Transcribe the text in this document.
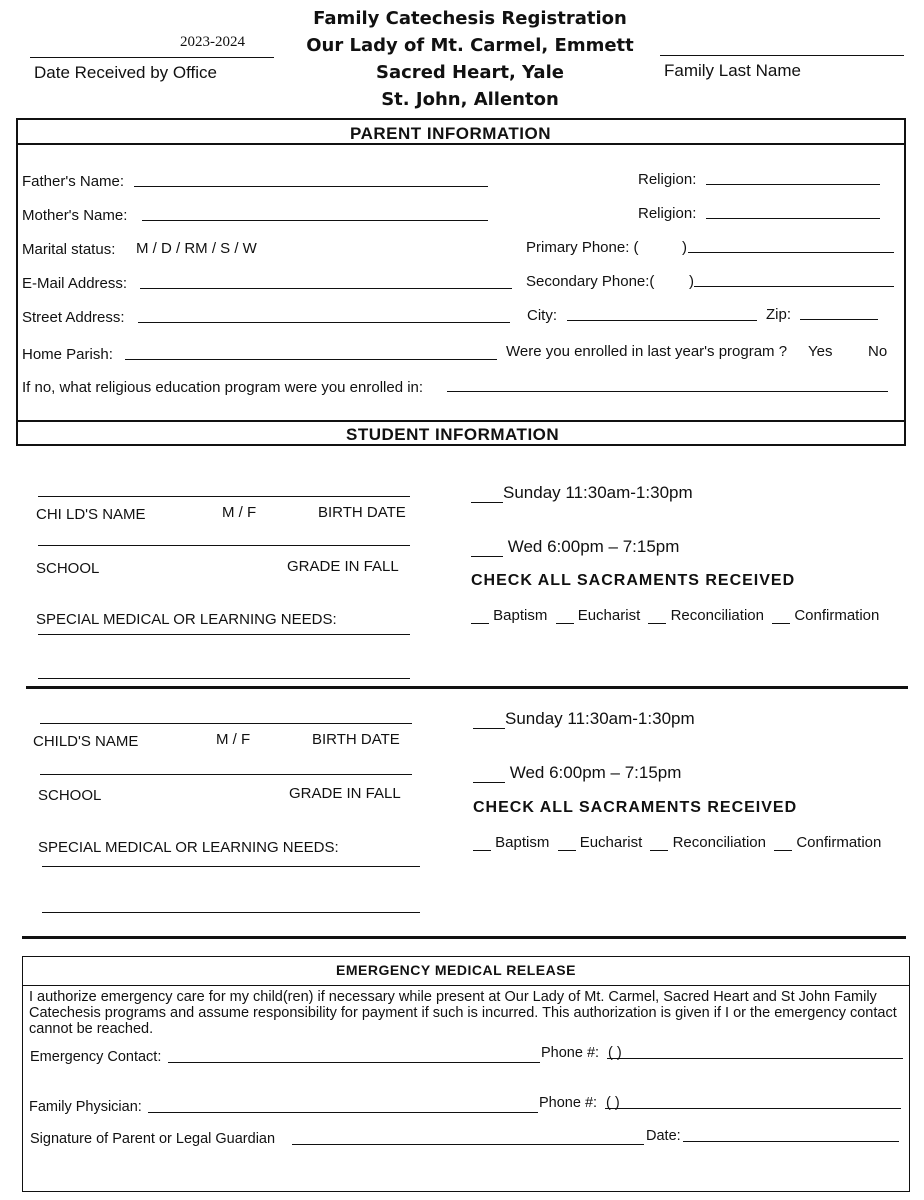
2023-2024
Date Received by Office
Family Catechesis Registration
Our Lady of Mt. Carmel, Emmett
Sacred Heart, Yale
St. John, Allenton
Family Last Name
PARENT INFORMATION
Father's Name:	Religion:
Mother's Name:	Religion:
Marital status: M / D / RM / S / W	Primary Phone: (	)
E-Mail Address:	Secondary Phone:( )
Street Address:	City:	Zip:
Home Parish:	Were you enrolled in last year's program ? Yes No
If no, what religious education program were you enrolled in:
STUDENT INFORMATION
CHI LD'S NAME	M / F	BIRTH DATE
SCHOOL	GRADE IN FALL
SPECIAL MEDICAL OR LEARNING NEEDS:
Sunday 11:30am-1:30pm
Wed 6:00pm – 7:15pm
CHECK ALL SACRAMENTS RECEIVED
Baptism Eucharist Reconciliation Confirmation
CHILD'S NAME	M / F	BIRTH DATE
SCHOOL	GRADE IN FALL
SPECIAL MEDICAL OR LEARNING NEEDS:
Sunday 11:30am-1:30pm
Wed 6:00pm – 7:15pm
CHECK ALL SACRAMENTS RECEIVED
Baptism Eucharist Reconciliation Confirmation
EMERGENCY MEDICAL RELEASE
I authorize emergency care for my child(ren) if necessary while present at Our Lady of Mt. Carmel, Sacred Heart and St John Family Catechesis programs and assume responsibility for payment if such is incurred. This authorization is given if I or the emergency contact cannot be reached.
Emergency Contact:	Phone #: ( )
Family Physician:	Phone #: ( )
Signature of Parent or Legal Guardian	Date:
